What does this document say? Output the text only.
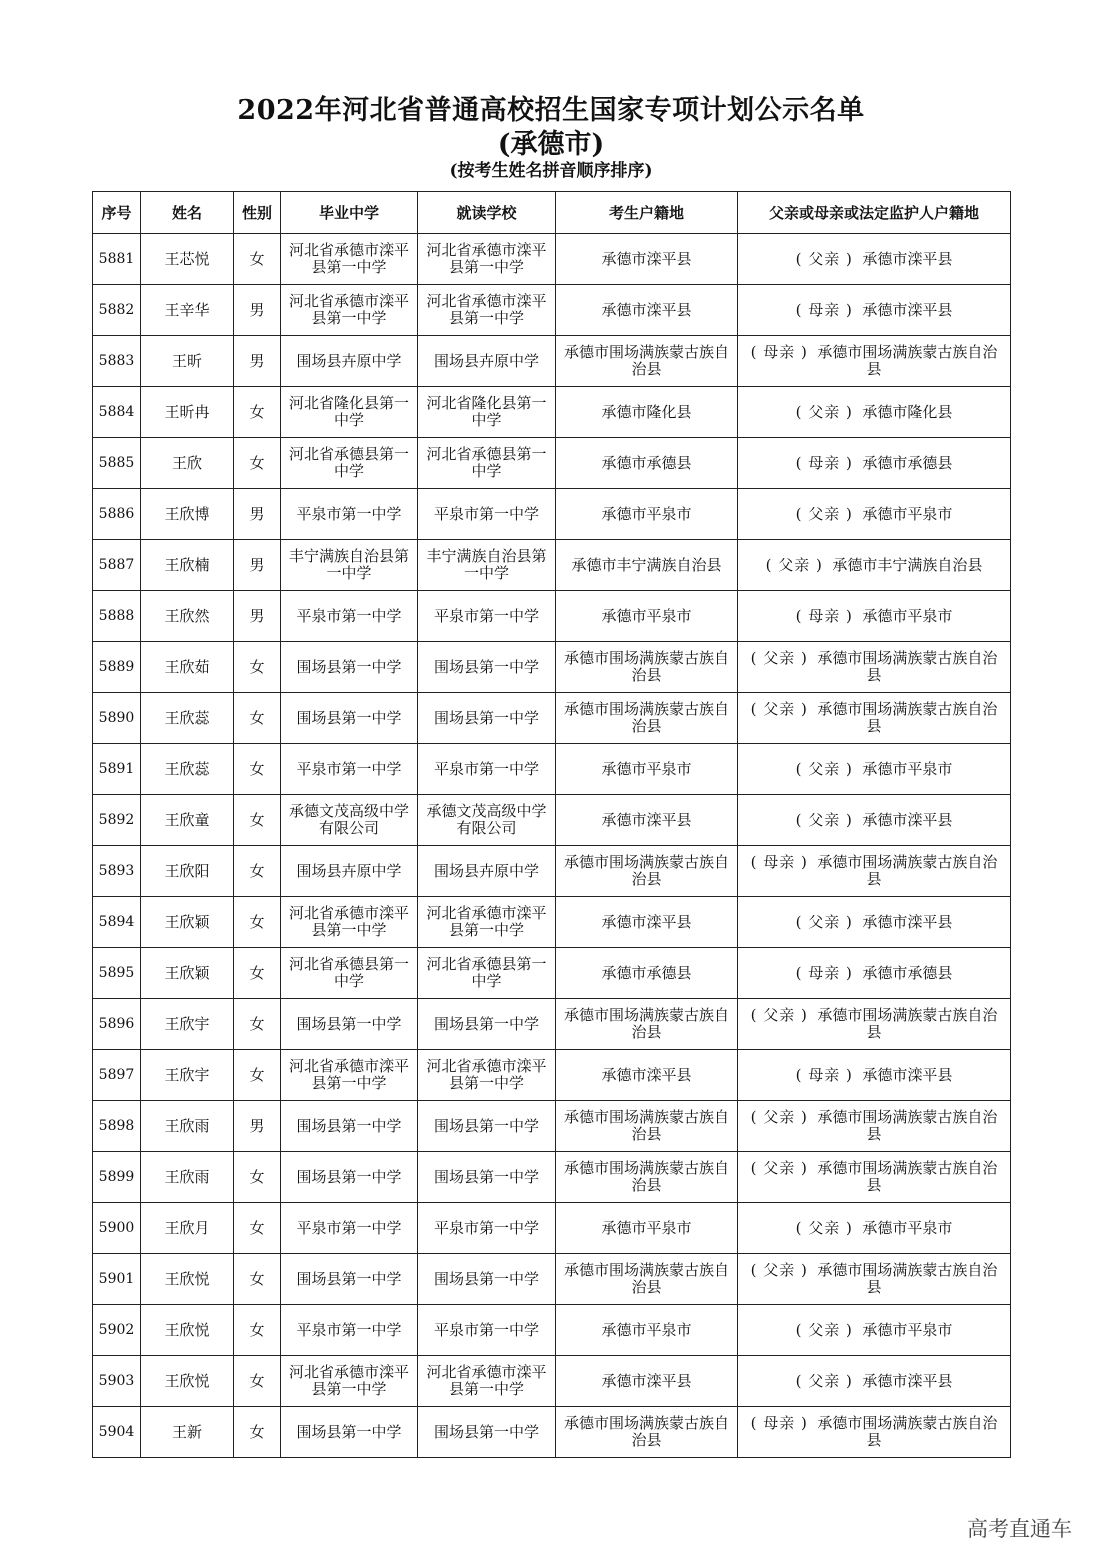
2022年河北省普通高校招生国家专项计划公示名单
(承德市)
(按考生姓名拼音顺序排序)
序号	姓名	性别	毕业中学	就读学校	考生户籍地	父亲或母亲或法定监护人户籍地
5881	王芯悦	女	河北省承德市滦平县第一中学	河北省承德市滦平县第一中学	承德市滦平县	( 父亲 ) 承德市滦平县
5882	王辛华	男	河北省承德市滦平县第一中学	河北省承德市滦平县第一中学	承德市滦平县	( 母亲 ) 承德市滦平县
5883	王昕	男	围场县卉原中学	围场县卉原中学	承德市围场满族蒙古族自治县	( 母亲 ) 承德市围场满族蒙古族自治县
5884	王昕冉	女	河北省隆化县第一中学	河北省隆化县第一中学	承德市隆化县	( 父亲 ) 承德市隆化县
5885	王欣	女	河北省承德县第一中学	河北省承德县第一中学	承德市承德县	( 母亲 ) 承德市承德县
5886	王欣博	男	平泉市第一中学	平泉市第一中学	承德市平泉市	( 父亲 ) 承德市平泉市
5887	王欣楠	男	丰宁满族自治县第一中学	丰宁满族自治县第一中学	承德市丰宁满族自治县	( 父亲 ) 承德市丰宁满族自治县
5888	王欣然	男	平泉市第一中学	平泉市第一中学	承德市平泉市	( 母亲 ) 承德市平泉市
5889	王欣茹	女	围场县第一中学	围场县第一中学	承德市围场满族蒙古族自治县	( 父亲 ) 承德市围场满族蒙古族自治县
5890	王欣蕊	女	围场县第一中学	围场县第一中学	承德市围场满族蒙古族自治县	( 父亲 ) 承德市围场满族蒙古族自治县
5891	王欣蕊	女	平泉市第一中学	平泉市第一中学	承德市平泉市	( 父亲 ) 承德市平泉市
5892	王欣童	女	承德文茂高级中学有限公司	承德文茂高级中学有限公司	承德市滦平县	( 父亲 ) 承德市滦平县
5893	王欣阳	女	围场县卉原中学	围场县卉原中学	承德市围场满族蒙古族自治县	( 母亲 ) 承德市围场满族蒙古族自治县
5894	王欣颖	女	河北省承德市滦平县第一中学	河北省承德市滦平县第一中学	承德市滦平县	( 父亲 ) 承德市滦平县
5895	王欣颖	女	河北省承德县第一中学	河北省承德县第一中学	承德市承德县	( 母亲 ) 承德市承德县
5896	王欣宇	女	围场县第一中学	围场县第一中学	承德市围场满族蒙古族自治县	( 父亲 ) 承德市围场满族蒙古族自治县
5897	王欣宇	女	河北省承德市滦平县第一中学	河北省承德市滦平县第一中学	承德市滦平县	( 母亲 ) 承德市滦平县
5898	王欣雨	男	围场县第一中学	围场县第一中学	承德市围场满族蒙古族自治县	( 父亲 ) 承德市围场满族蒙古族自治县
5899	王欣雨	女	围场县第一中学	围场县第一中学	承德市围场满族蒙古族自治县	( 父亲 ) 承德市围场满族蒙古族自治县
5900	王欣月	女	平泉市第一中学	平泉市第一中学	承德市平泉市	( 父亲 ) 承德市平泉市
5901	王欣悦	女	围场县第一中学	围场县第一中学	承德市围场满族蒙古族自治县	( 父亲 ) 承德市围场满族蒙古族自治县
5902	王欣悦	女	平泉市第一中学	平泉市第一中学	承德市平泉市	( 父亲 ) 承德市平泉市
5903	王欣悦	女	河北省承德市滦平县第一中学	河北省承德市滦平县第一中学	承德市滦平县	( 父亲 ) 承德市滦平县
5904	王新	女	围场县第一中学	围场县第一中学	承德市围场满族蒙古族自治县	( 母亲 ) 承德市围场满族蒙古族自治县
高考直通车
